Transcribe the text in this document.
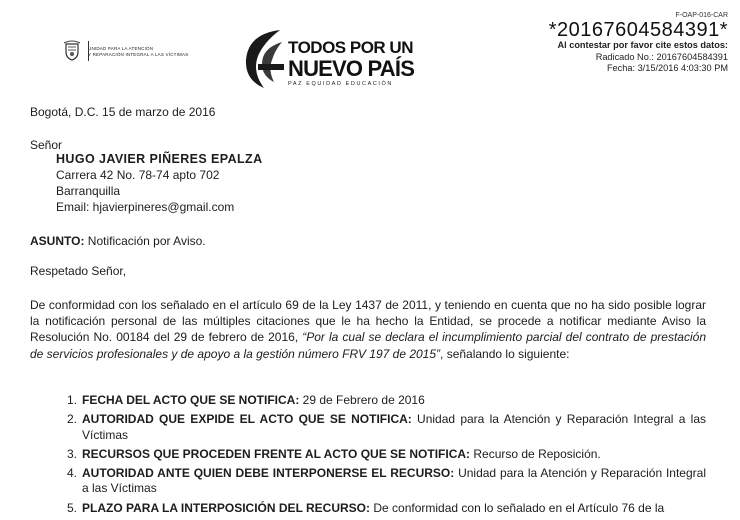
UNIDAD PARA LA ATENCIÓN
Y REPARACIÓN INTEGRAL A LAS VÍCTIMAS	TODOS POR UN
NUEVO PAÍS
PAZ EQUIDAD EDUCACIÓN
F-OAP-016-CAR
*20167604584391*
Al contestar por favor cite estos datos:
Radicado No.: 20167604584391
Fecha: 3/15/2016 4:03:30 PM
Bogotá, D.C. 15 de marzo de 2016
Señor
HUGO JAVIER PIÑERES EPALZA
Carrera 42 No. 78-74 apto 702
Barranquilla
Email: hjavierpineres@gmail.com
ASUNTO: Notificación por Aviso.
Respetado Señor,
De conformidad con los señalado en el artículo 69 de la Ley 1437 de 2011, y teniendo en cuenta que no ha sido posible lograr la notificación personal de las múltiples citaciones que le ha hecho la Entidad, se procede a notificar mediante Aviso la Resolución No. 00184 del 29 de febrero de 2016, “Por la cual se declara el incumplimiento parcial del contrato de prestación de servicios profesionales y de apoyo a la gestión número FRV 197 de 2015”, señalando lo siguiente:
1. FECHA DEL ACTO QUE SE NOTIFICA: 29 de Febrero de 2016
2. AUTORIDAD QUE EXPIDE EL ACTO QUE SE NOTIFICA: Unidad para la Atención y Reparación Integral a las Víctimas
3. RECURSOS QUE PROCEDEN FRENTE AL ACTO QUE SE NOTIFICA: Recurso de Reposición.
4. AUTORIDAD ANTE QUIEN DEBE INTERPONERSE EL RECURSO: Unidad para la Atención y Reparación Integral a las Víctimas
5. PLAZO PARA LA INTERPOSICIÓN DEL RECURSO: De conformidad con lo señalado en el Artículo 76 de la
